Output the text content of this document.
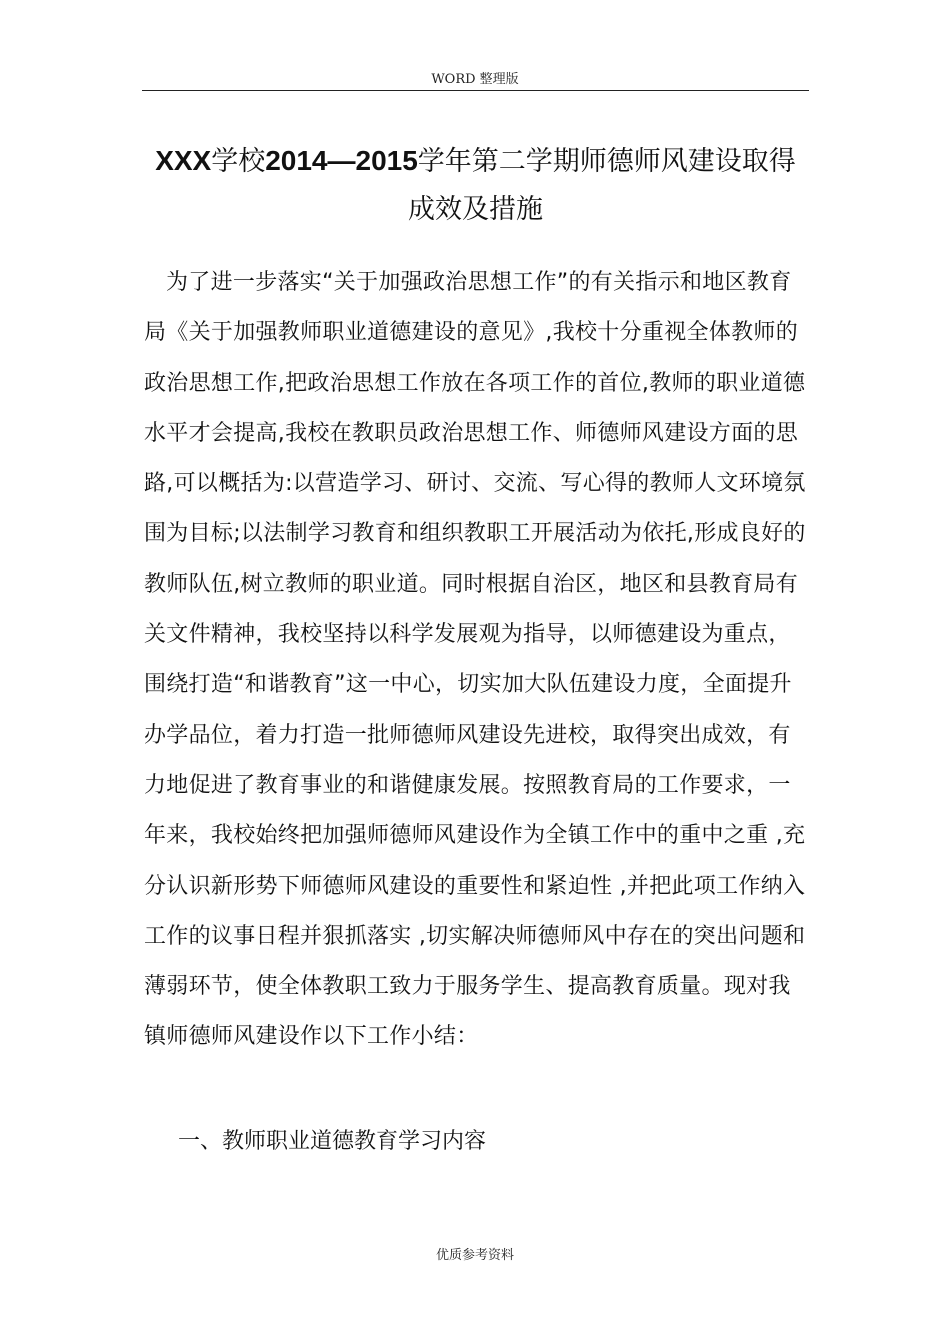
WORD 整理版
XXX学校2014—2015学年第二学期师德师风建设取得成效及措施

为了进一步落实“关于加强政治思想工作”的有关指示和地区教育局《关于加强教师职业道德建设的意见》,我校十分重视全体教师的政治思想工作,把政治思想工作放在各项工作的首位,教师的职业道德水平才会提高,我校在教职员政治思想工作、师德师风建设方面的思路,可以概括为:以营造学习、研讨、交流、写心得的教师人文环境氛围为目标;以法制学习教育和组织教职工开展活动为依托,形成良好的教师队伍,树立教师的职业道。同时根据自治区，地区和县教育局有关文件精神，我校坚持以科学发展观为指导，以师德建设为重点，围绕打造“和谐教育”这一中心，切实加大队伍建设力度，全面提升办学品位，着力打造一批师德师风建设先进校，取得突出成效，有力地促进了教育事业的和谐健康发展。按照教育局的工作要求，一年来，我校始终把加强师德师风建设作为全镇工作中的重中之重 ,充分认识新形势下师德师风建设的重要性和紧迫性 ,并把此项工作纳入工作的议事日程并狠抓落实 ,切实解决师德师风中存在的突出问题和薄弱环节，使全体教职工致力于服务学生、提高教育质量。现对我镇师德师风建设作以下工作小结：

一、教师职业道德教育学习内容
优质参考资料
